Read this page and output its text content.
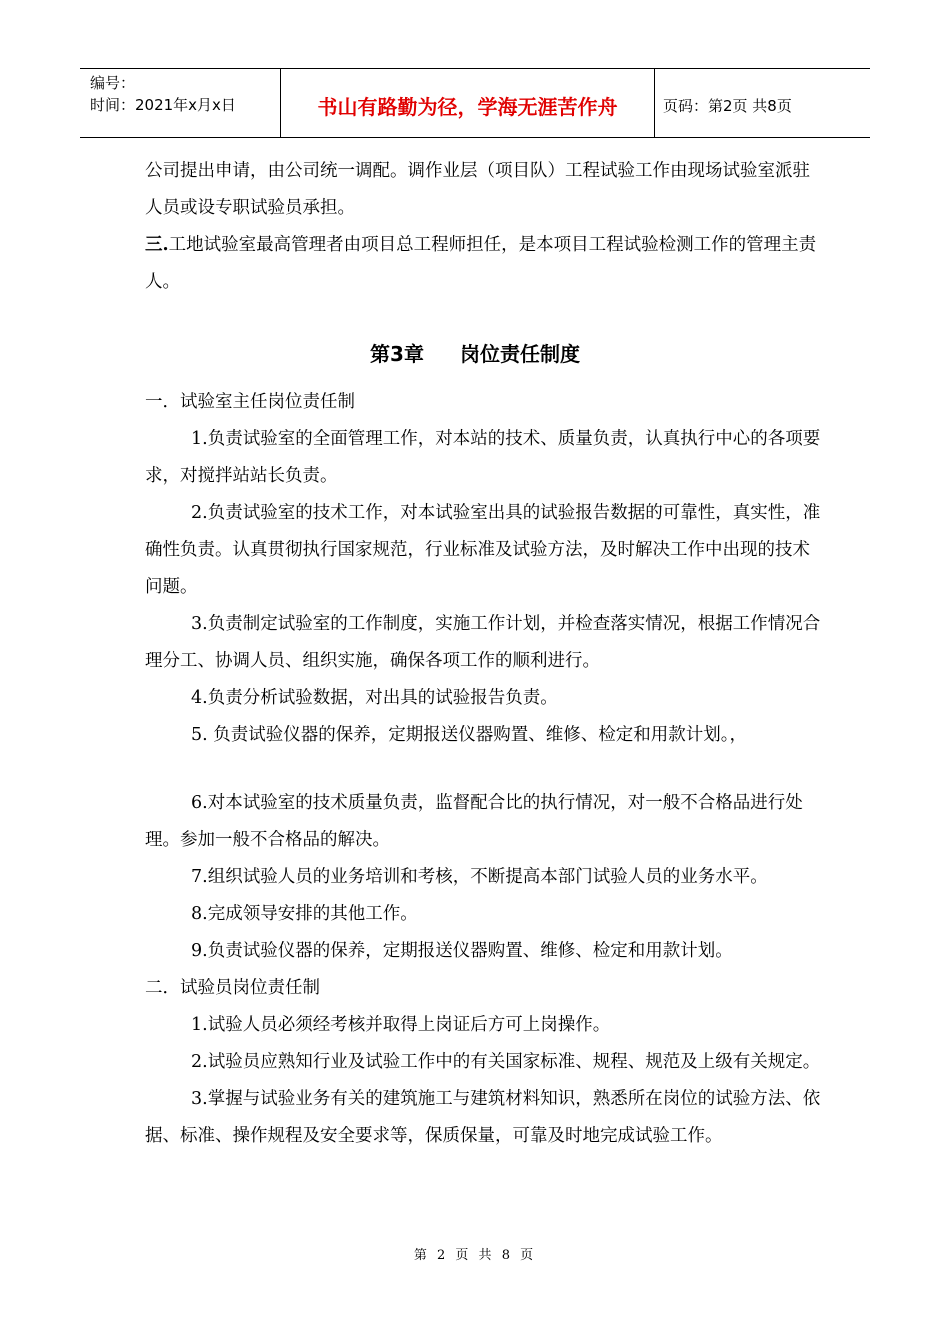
编号：
时间：2021年x月x日	书山有路勤为径，学海无涯苦作舟	页码：第2页 共8页

公司提出申请，由公司统一调配。调作业层（项目队）工程试验工作由现场试验室派驻人员或设专职试验员承担。

三.工地试验室最高管理者由项目总工程师担任，是本项目工程试验检测工作的管理主责人。

第3章 岗位责任制度

一．试验室主任岗位责任制

1.负责试验室的全面管理工作，对本站的技术、质量负责，认真执行中心的各项要求，对搅拌站站长负责。

2.负责试验室的技术工作，对本试验室出具的试验报告数据的可靠性，真实性，准确性负责。认真贯彻执行国家规范，行业标准及试验方法，及时解决工作中出现的技术问题。

3.负责制定试验室的工作制度，实施工作计划，并检查落实情况，根据工作情况合理分工、协调人员、组织实施，确保各项工作的顺利进行。

4.负责分析试验数据，对出具的试验报告负责。

5. 负责试验仪器的保养，定期报送仪器购置、维修、检定和用款计划。，

6.对本试验室的技术质量负责，监督配合比的执行情况，对一般不合格品进行处理。参加一般不合格品的解决。

7.组织试验人员的业务培训和考核，不断提高本部门试验人员的业务水平。

8.完成领导安排的其他工作。

9.负责试验仪器的保养，定期报送仪器购置、维修、检定和用款计划。

二．试验员岗位责任制

1.试验人员必须经考核并取得上岗证后方可上岗操作。

2.试验员应熟知行业及试验工作中的有关国家标准、规程、规范及上级有关规定。

3.掌握与试验业务有关的建筑施工与建筑材料知识，熟悉所在岗位的试验方法、依据、标准、操作规程及安全要求等，保质保量，可靠及时地完成试验工作。

第 2 页 共 8 页
